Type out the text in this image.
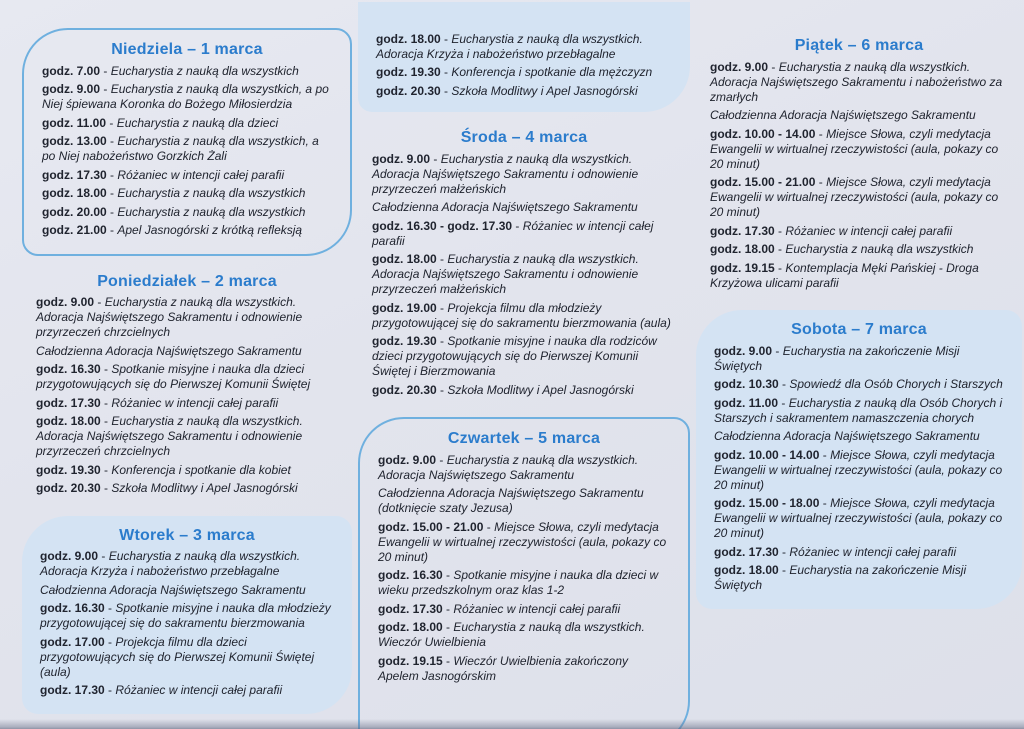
Niedziela – 1 marca

godz. 7.00 - Eucharystia z nauką dla wszystkich

godz. 9.00 - Eucharystia z nauką dla wszystkich, a po Niej śpiewana Koronka do Bożego Miłosierdzia

godz. 11.00 - Eucharystia z nauką dla dzieci

godz. 13.00 - Eucharystia z nauką dla wszystkich, a po Niej nabożeństwo Gorzkich Żali

godz. 17.30 - Różaniec w intencji całej parafii

godz. 18.00 - Eucharystia z nauką dla wszystkich

godz. 20.00 - Eucharystia z nauką dla wszystkich

godz. 21.00 - Apel Jasnogórski z krótką refleksją

Poniedziałek – 2 marca

godz. 9.00 - Eucharystia z nauką dla wszystkich. Adoracja Najświętszego Sakramentu i odnowienie przyrzeczeń chrzcielnych

Całodzienna Adoracja Najświętszego Sakramentu

godz. 16.30 - Spotkanie misyjne i nauka dla dzieci przygotowujących się do Pierwszej Komunii Świętej

godz. 17.30 - Różaniec w intencji całej parafii

godz. 18.00 - Eucharystia z nauką dla wszystkich. Adoracja Najświętszego Sakramentu i odnowienie przyrzeczeń chrzcielnych

godz. 19.30 - Konferencja i spotkanie dla kobiet

godz. 20.30 - Szkoła Modlitwy i Apel Jasnogórski

Wtorek – 3 marca

godz. 9.00 - Eucharystia z nauką dla wszystkich. Adoracja Krzyża i nabożeństwo przebłagalne

Całodzienna Adoracja Najświętszego Sakramentu

godz. 16.30 - Spotkanie misyjne i nauka dla młodzieży przygotowującej się do sakramentu bierzmowania

godz. 17.00 - Projekcja filmu dla dzieci przygotowujących się do Pierwszej Komunii Świętej (aula)

godz. 17.30 - Różaniec w intencji całej parafii

godz. 18.00 - Eucharystia z nauką dla wszystkich. Adoracja Krzyża i nabożeństwo przebłagalne

godz. 19.30 - Konferencja i spotkanie dla mężczyzn

godz. 20.30 - Szkoła Modlitwy i Apel Jasnogórski

Środa – 4 marca

godz. 9.00 - Eucharystia z nauką dla wszystkich. Adoracja Najświętszego Sakramentu i odnowienie przyrzeczeń małżeńskich

Całodzienna Adoracja Najświętszego Sakramentu

godz. 16.30 - godz. 17.30 - Różaniec w intencji całej parafii

godz. 18.00 - Eucharystia z nauką dla wszystkich. Adoracja Najświętszego Sakramentu i odnowienie przyrzeczeń małżeńskich

godz. 19.00 - Projekcja filmu dla młodzieży przygotowującej się do sakramentu bierzmowania (aula)

godz. 19.30 - Spotkanie misyjne i nauka dla rodziców dzieci przygotowujących się do Pierwszej Komunii Świętej i Bierzmowania

godz. 20.30 - Szkoła Modlitwy i Apel Jasnogórski

Czwartek – 5 marca

godz. 9.00 - Eucharystia z nauką dla wszystkich. Adoracja Najświętszego Sakramentu

Całodzienna Adoracja Najświętszego Sakramentu (dotknięcie szaty Jezusa)

godz. 15.00 - 21.00 - Miejsce Słowa, czyli medytacja Ewangelii w wirtualnej rzeczywistości (aula, pokazy co 20 minut)

godz. 16.30 - Spotkanie misyjne i nauka dla dzieci w wieku przedszkolnym oraz klas 1-2

godz. 17.30 - Różaniec w intencji całej parafii

godz. 18.00 - Eucharystia z nauką dla wszystkich. Wieczór Uwielbienia

godz. 19.15 - Wieczór Uwielbienia zakończony Apelem Jasnogórskim

Piątek – 6 marca

godz. 9.00 - Eucharystia z nauką dla wszystkich. Adoracja Najświętszego Sakramentu i nabożeństwo za zmarłych

Całodzienna Adoracja Najświętszego Sakramentu

godz. 10.00 - 14.00 - Miejsce Słowa, czyli medytacja Ewangelii w wirtualnej rzeczywistości (aula, pokazy co 20 minut)

godz. 15.00 - 21.00 - Miejsce Słowa, czyli medytacja Ewangelii w wirtualnej rzeczywistości (aula, pokazy co 20 minut)

godz. 17.30 - Różaniec w intencji całej parafii

godz. 18.00 - Eucharystia z nauką dla wszystkich

godz. 19.15 - Kontemplacja Męki Pańskiej - Droga Krzyżowa ulicami parafii

Sobota – 7 marca

godz. 9.00 - Eucharystia na zakończenie Misji Świętych

godz. 10.30 - Spowiedź dla Osób Chorych i Starszych

godz. 11.00 - Eucharystia z nauką dla Osób Chorych i Starszych i sakramentem namaszczenia chorych

Całodzienna Adoracja Najświętszego Sakramentu

godz. 10.00 - 14.00 - Miejsce Słowa, czyli medytacja Ewangelii w wirtualnej rzeczywistości (aula, pokazy co 20 minut)

godz. 15.00 - 18.00 - Miejsce Słowa, czyli medytacja Ewangelii w wirtualnej rzeczywistości (aula, pokazy co 20 minut)

godz. 17.30 - Różaniec w intencji całej parafii

godz. 18.00 - Eucharystia na zakończenie Misji Świętych
